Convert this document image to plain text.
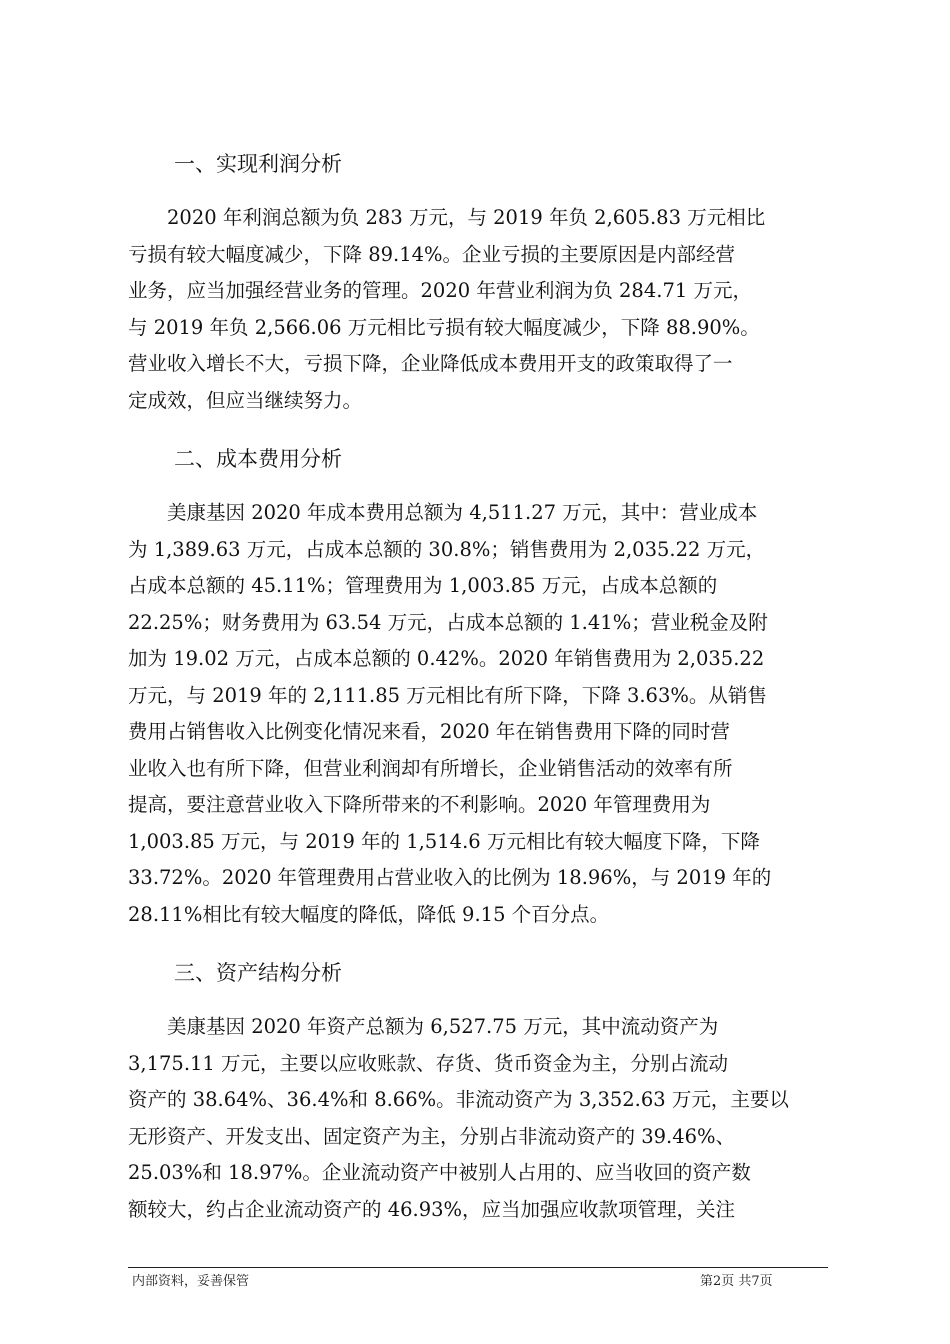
一、实现利润分析
　　2020 年利润总额为负 283 万元，与 2019 年负 2,605.83 万元相比
亏损有较大幅度减少，下降 89.14%。企业亏损的主要原因是内部经营
业务，应当加强经营业务的管理。2020 年营业利润为负 284.71 万元，
与 2019 年负 2,566.06 万元相比亏损有较大幅度减少，下降 88.90%。
营业收入增长不大，亏损下降，企业降低成本费用开支的政策取得了一
定成效，但应当继续努力。
二、成本费用分析
　　美康基因 2020 年成本费用总额为 4,511.27 万元，其中：营业成本
为 1,389.63 万元，占成本总额的 30.8%；销售费用为 2,035.22 万元，
占成本总额的 45.11%；管理费用为 1,003.85 万元，占成本总额的
22.25%；财务费用为 63.54 万元，占成本总额的 1.41%；营业税金及附
加为 19.02 万元，占成本总额的 0.42%。2020 年销售费用为 2,035.22
万元，与 2019 年的 2,111.85 万元相比有所下降，下降 3.63%。从销售
费用占销售收入比例变化情况来看，2020 年在销售费用下降的同时营
业收入也有所下降，但营业利润却有所增长，企业销售活动的效率有所
提高，要注意营业收入下降所带来的不利影响。2020 年管理费用为
1,003.85 万元，与 2019 年的 1,514.6 万元相比有较大幅度下降，下降
33.72%。2020 年管理费用占营业收入的比例为 18.96%，与 2019 年的
28.11%相比有较大幅度的降低，降低 9.15 个百分点。
三、资产结构分析
　　美康基因 2020 年资产总额为 6,527.75 万元，其中流动资产为
3,175.11 万元，主要以应收账款、存货、货币资金为主，分别占流动
资产的 38.64%、36.4%和 8.66%。非流动资产为 3,352.63 万元，主要以
无形资产、开发支出、固定资产为主，分别占非流动资产的 39.46%、
25.03%和 18.97%。企业流动资产中被别人占用的、应当收回的资产数
额较大，约占企业流动资产的 46.93%，应当加强应收款项管理，关注
内部资料，妥善保管	第2页 共7页
